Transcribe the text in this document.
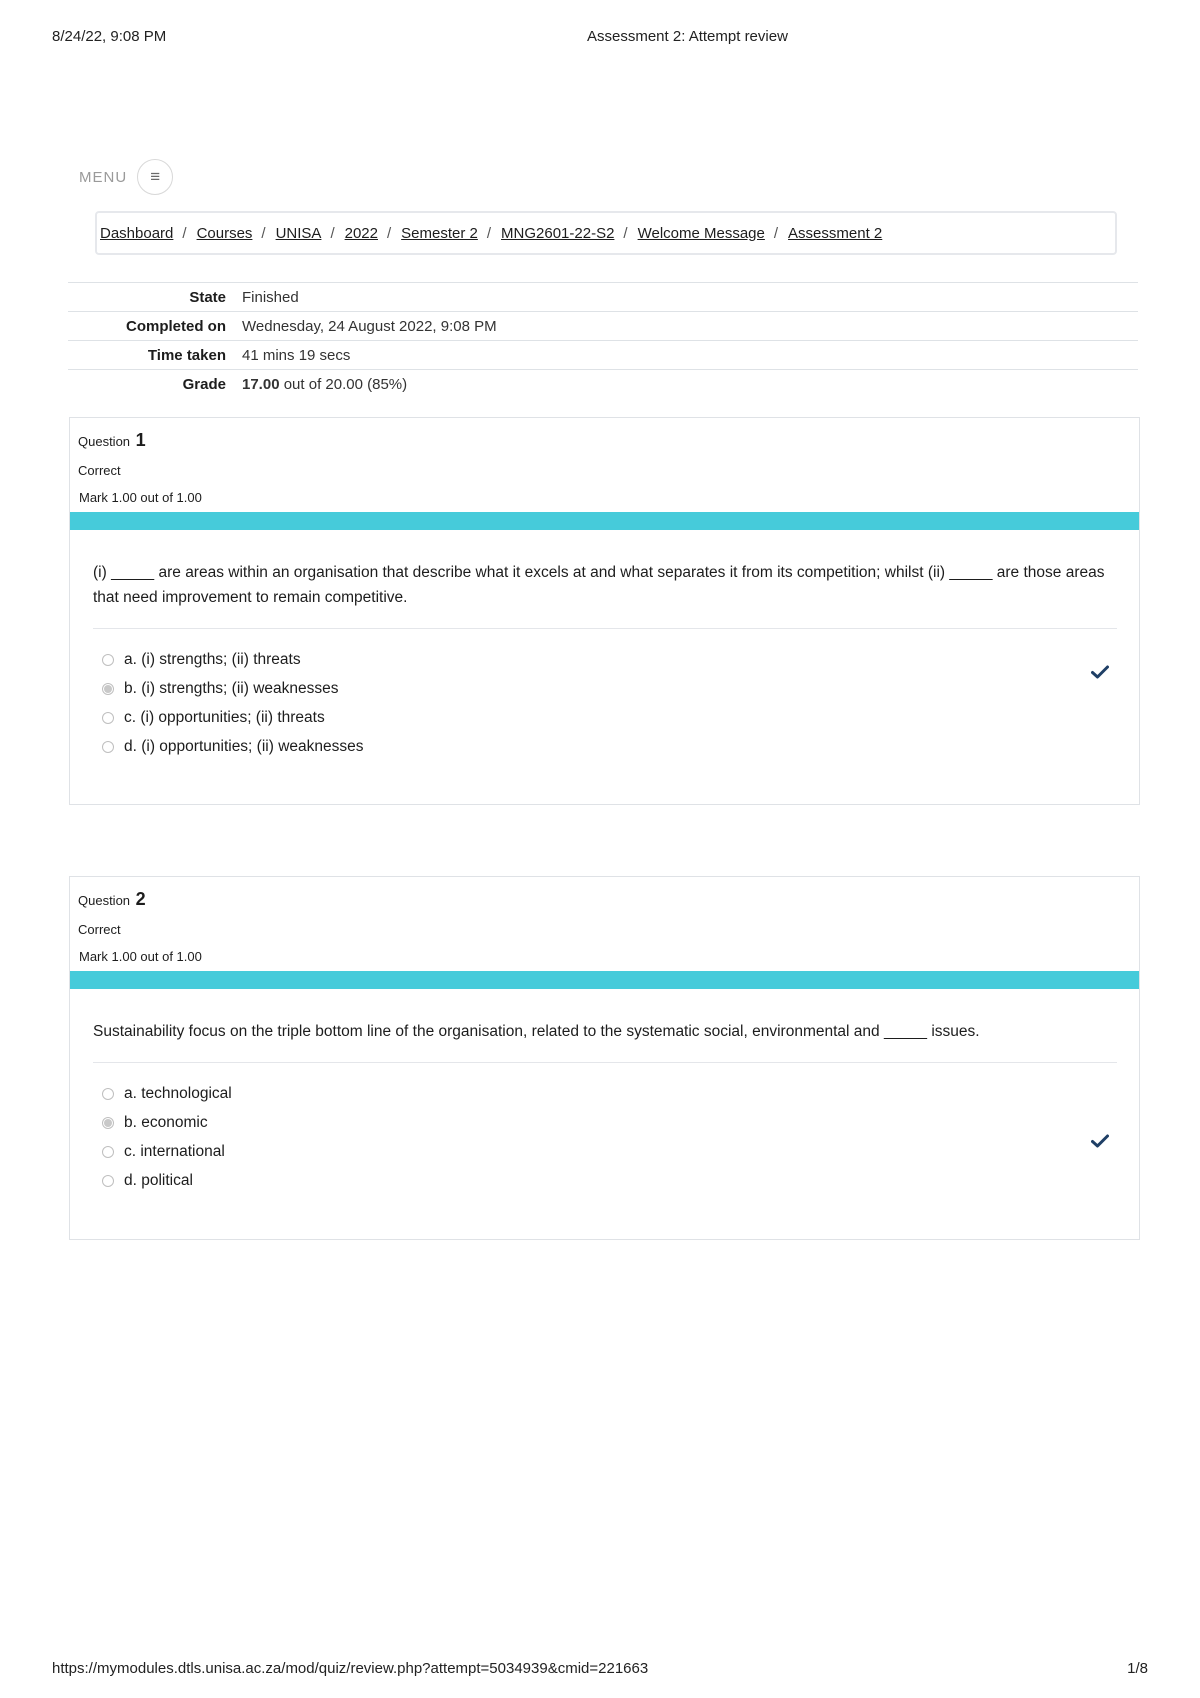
8/24/22, 9:08 PM	Assessment 2: Attempt review
MENU	≡
Dashboard / Courses / UNISA / 2022 / Semester 2 / MNG2601-22-S2 / Welcome Message / Assessment 2
State	Finished
Completed on	Wednesday, 24 August 2022, 9:08 PM
Time taken	41 mins 19 secs
Grade	17.00 out of 20.00 (85%)
Question 1
Correct
Mark 1.00 out of 1.00
(i) _____ are areas within an organisation that describe what it excels at and what separates it from its competition; whilst (ii) _____ are those areas that need improvement to remain competitive.
a. (i) strengths; (ii) threats
b. (i) strengths; (ii) weaknesses
c. (i) opportunities; (ii) threats
d. (i) opportunities; (ii) weaknesses
Question 2
Correct
Mark 1.00 out of 1.00
Sustainability focus on the triple bottom line of the organisation, related to the systematic social, environmental and _____ issues.
a. technological
b. economic
c. international
d. political
https://mymodules.dtls.unisa.ac.za/mod/quiz/review.php?attempt=5034939&cmid=221663	1/8
